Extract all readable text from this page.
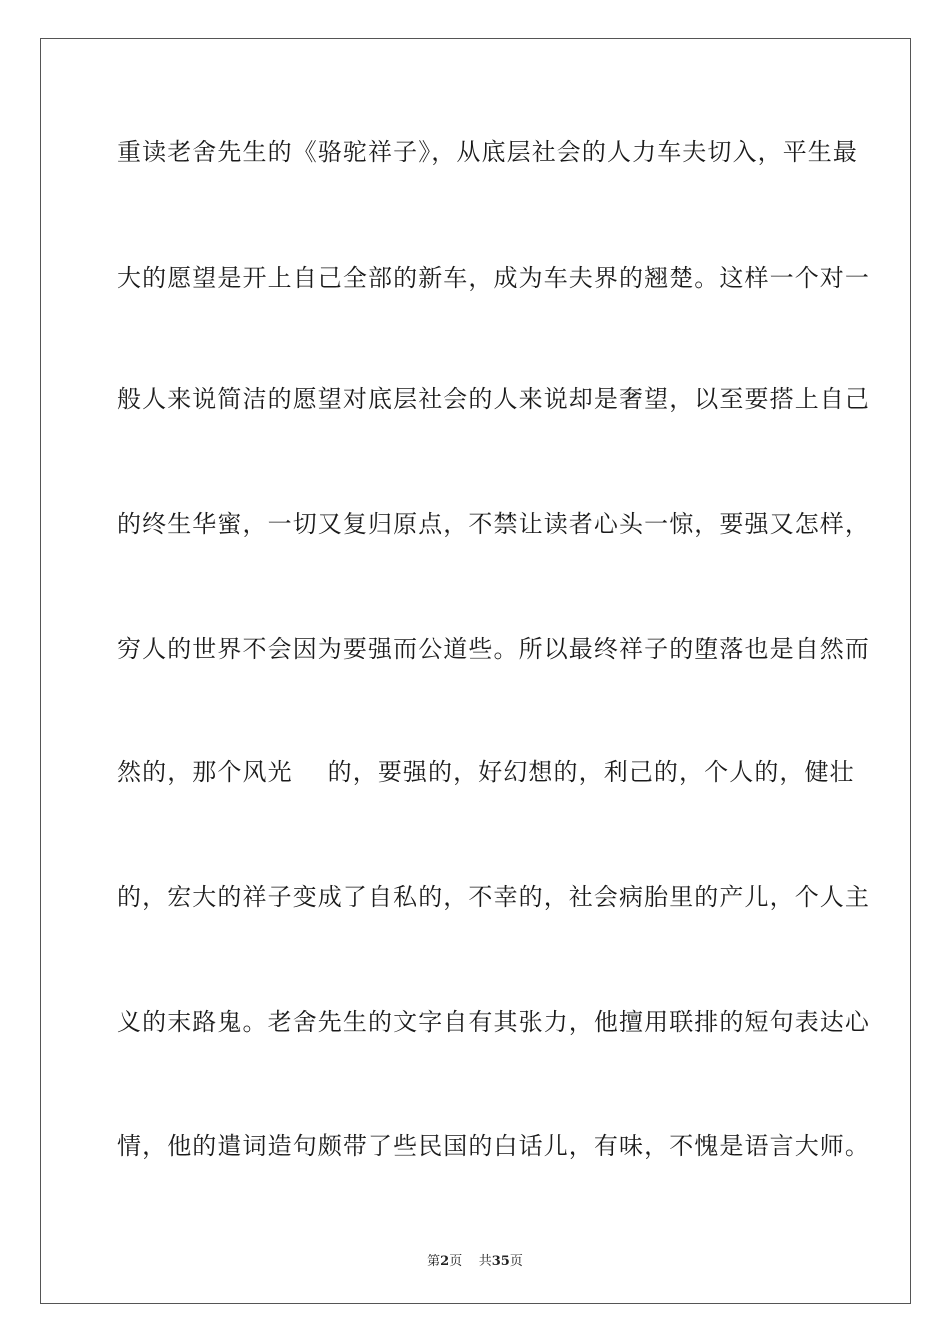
重读老舍先生的《骆驼祥子》，从底层社会的人力车夫切入，平生最
大的愿望是开上自己全部的新车，成为车夫界的翘楚。这样一个对一
般人来说简洁的愿望对底层社会的人来说却是奢望，以至要搭上自己
的终生华蜜，一切又复归原点，不禁让读者心头一惊，要强又怎样，
穷人的世界不会因为要强而公道些。所以最终祥子的堕落也是自然而
然的，那个风光    的，要强的，好幻想的，利己的，个人的，健壮
的，宏大的祥子变成了自私的，不幸的，社会病胎里的产儿，个人主
义的末路鬼。老舍先生的文字自有其张力，他擅用联排的短句表达心
情，他的遣词造句颇带了些民国的白话儿，有味，不愧是语言大师。
第2页 共35页
